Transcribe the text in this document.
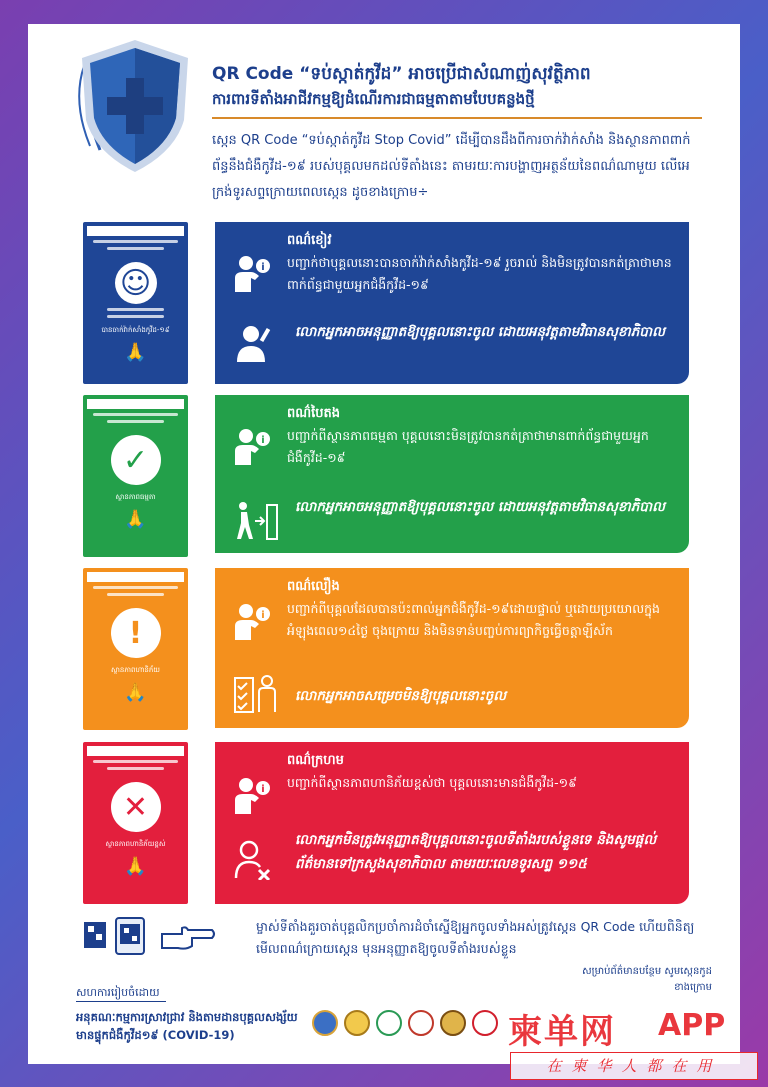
QR Code “ទប់ស្កាត់កូវីដ” អាចប្រើជាសំណាញ់សុវត្ថិភាព
ការពារទីតាំងអាជីវកម្មឱ្យដំណើរការជាធម្មតាតាមបែបគន្លងថ្មី
ស្កេន QR Code “ទប់ស្កាត់កូវីដ Stop Covid” ដើម្បីបានដឹងពីការចាក់វ៉ាក់សាំង និងស្ថានភាពពាក់ព័ន្ធនឹងជំងឺកូវីដ-១៩ របស់បុគ្គលមកដល់ទីតាំងនេះ តាមរយៈការបង្ហាញអត្ថន័យនៃពណ៌ណាមួយ លើអេក្រង់ទូរសព្ទក្រោយពេលស្កេន ដូចខាងក្រោម÷
☺
បានចាក់វ៉ាក់សាំងកូវីដ-១៩
🙏
i
ពណ៌ខៀវ
បញ្ជាក់ថាបុគ្គលនោះបានចាក់វ៉ាក់សាំងកូវីដ-១៩ រួចរាល់ និងមិនត្រូវបានកត់ត្រាថាមានពាក់ព័ន្ធជាមួយអ្នកជំងឺកូវីដ-១៩
លោកអ្នកអាចអនុញ្ញាតឱ្យបុគ្គលនោះចូល ដោយអនុវត្តតាមវិធានសុខាភិបាល
✓
ស្ថានភាពធម្មតា
🙏
i
ពណ៌បៃតង
បញ្ជាក់ពីស្ថានភាពធម្មតា បុគ្គលនោះមិនត្រូវបានកត់ត្រាថាមានពាក់ព័ន្ធជាមួយអ្នកជំងឺកូវីដ-១៩
លោកអ្នកអាចអនុញ្ញាតឱ្យបុគ្គលនោះចូល ដោយអនុវត្តតាមវិធានសុខាភិបាល
!
ស្ថានភាពហានិភ័យ
🙏
i
ពណ៌លឿង
បញ្ជាក់ពីបុគ្គលដែលបានប៉ះពាល់អ្នកជំងឺកូវីដ-១៩ដោយផ្ទាល់ ឬដោយប្រយោលក្នុងអំឡុងពេល១៤ថ្ងៃ ចុងក្រោយ និងមិនទាន់បញ្ចប់ការព្យាកិច្ចធ្វើចត្តាឡីស័ក
លោកអ្នកអាចសម្រេចមិនឱ្យបុគ្គលនោះចូល
✕
ស្ថានភាពហានិភ័យខ្ពស់
🙏
i
ពណ៌ក្រហម
បញ្ជាក់ពីស្ថានភាពហានិភ័យខ្ពស់ថា បុគ្គលនោះមានជំងឺកូវីដ-១៩
លោកអ្នកមិនត្រូវអនុញ្ញាតឱ្យបុគ្គលនោះចូលទីតាំងរបស់ខ្លួនទេ និងសូមផ្តល់ព័ត៌មានទៅក្រសួងសុខាភិបាល តាមរយៈលេខទូរសព្ទ ១១៥
ម្ចាស់ទីតាំងគួរចាត់បុគ្គលិកប្រចាំការដំចាំស្នើឱ្យអ្នកចូលទាំងអស់ត្រូវស្កេន QR Code ហើយពិនិត្យមើលពណ៌ក្រោយស្កេន មុនអនុញ្ញាតឱ្យចូលទីតាំងរបស់ខ្លួន
សហការរៀបចំដោយ
អនុគណៈកម្មការស្រាវជ្រាវ និងតាមដានបុគ្គលសង្ស័យមានផ្ទុកជំងឺកូវីដ១៩ (COVID-19)
សម្រាប់ព័ត៌មានបន្ថែម សូមស្កេនកូដខាងក្រោម
柬单网 APP
在柬华人都在用
